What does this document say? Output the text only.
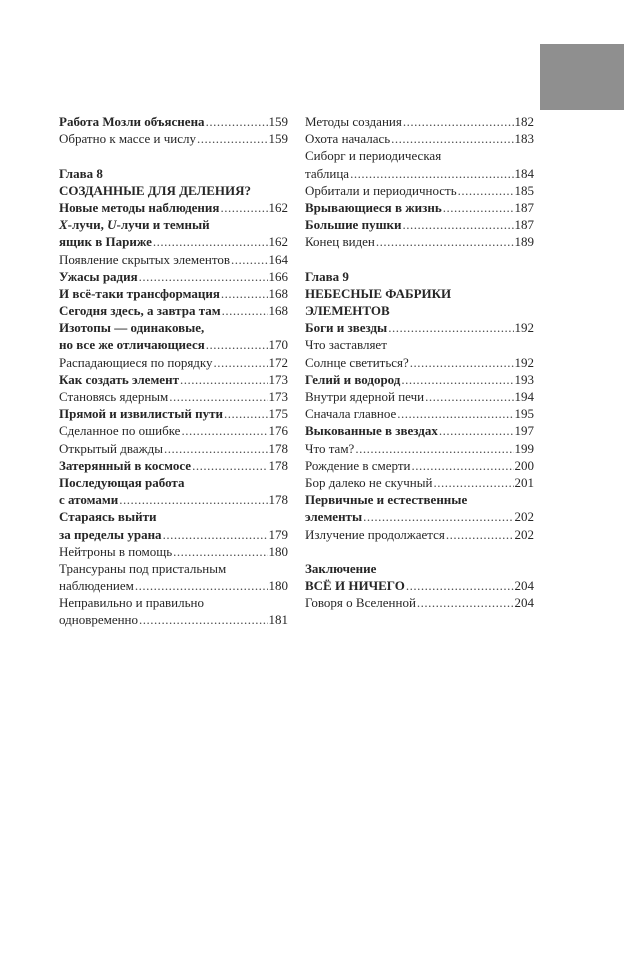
Работа Мозли объяснена .....	159
Обратно к массе и числу .....	159
Глава 8
СОЗДАННЫЕ ДЛЯ ДЕЛЕНИЯ?
Новые методы наблюдения .....	162
X-лучи, U-лучи и темный
ящик в Париже .....	162
Появление скрытых элементов .....	164
Ужасы радия .....	166
И всё-таки трансформация .....	168
Сегодня здесь, а завтра там .....	168
Изотопы — одинаковые,
но все же отличающиеся .....	170
Распадающиеся по порядку .....	172
Как создать элемент .....	173
Становясь ядерным .....	173
Прямой и извилистый пути .....	175
Сделанное по ошибке .....	176
Открытый дважды .....	178
Затерянный в космосе .....	178
Последующая работа
с атомами .....	178
Стараясь выйти
за пределы урана .....	179
Нейтроны в помощь .....	180
Трансураны под пристальным
наблюдением .....	180
Неправильно и правильно
одновременно .....	181
Методы создания .....	182
Охота началась .....	183
Сиборг и периодическая
таблица .....	184
Орбитали и периодичность .....	185
Врывающиеся в жизнь .....	187
Большие пушки .....	187
Конец виден .....	189
Глава 9
НЕБЕСНЫЕ ФАБРИКИ
ЭЛЕМЕНТОВ
Боги и звезды .....	192
Что заставляет
Солнце светиться? .....	192
Гелий и водород .....	193
Внутри ядерной печи .....	194
Сначала главное .....	195
Выкованные в звездах .....	197
Что там? .....	199
Рождение в смерти .....	200
Бор далеко не скучный .....	201
Первичные и естественные
элементы .....	202
Излучение продолжается .....	202
Заключение
ВСЁ И НИЧЕГО .....	204
Говоря о Вселенной .....	204
